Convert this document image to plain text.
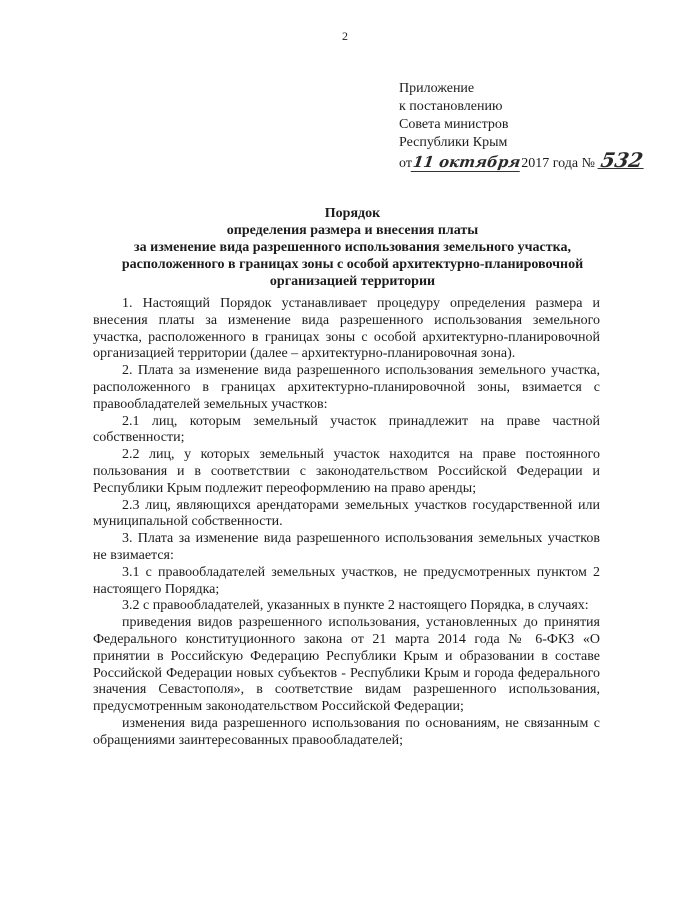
2
Приложение
к постановлению
Совета министров
Республики Крым
от11 октября2017 года № 532
Порядок
определения размера и внесения платы
за изменение вида разрешенного использования земельного участка,
расположенного в границах зоны с особой архитектурно-планировочной
организацией территории

1. Настоящий Порядок устанавливает процедуру определения размера и внесения платы за изменение вида разрешенного использования земельного участка, расположенного в границах зоны с особой архитектурно-планировочной организацией территории (далее – архитектурно-планировочная зона).

2. Плата за изменение вида разрешенного использования земельного участка, расположенного в границах архитектурно-планировочной зоны, взимается с правообладателей земельных участков:

2.1 лиц, которым земельный участок принадлежит на праве частной собственности;

2.2 лиц, у которых земельный участок находится на праве постоянного пользования и в соответствии с законодательством Российской Федерации и Республики Крым подлежит переоформлению на право аренды;

2.3 лиц, являющихся арендаторами земельных участков государственной или муниципальной собственности.

3. Плата за изменение вида разрешенного использования земельных участков не взимается:

3.1 с правообладателей земельных участков, не предусмотренных пунктом 2 настоящего Порядка;

3.2 с правообладателей, указанных в пункте 2 настоящего Порядка, в случаях:

приведения видов разрешенного использования, установленных до принятия Федерального конституционного закона от 21 марта 2014 года № 6-ФКЗ «О принятии в Российскую Федерацию Республики Крым и образовании в составе Российской Федерации новых субъектов - Республики Крым и города федерального значения Севастополя», в соответствие видам разрешенного использования, предусмотренным законодательством Российской Федерации;

изменения вида разрешенного использования по основаниям, не связанным с обращениями заинтересованных правообладателей;
